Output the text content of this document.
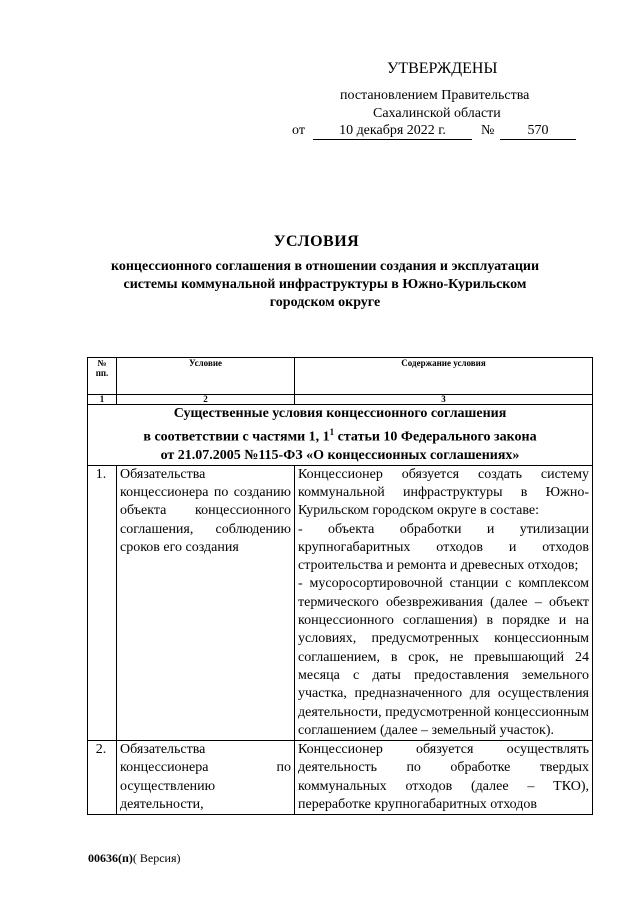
УТВЕРЖДЕНЫ
постановлением Правительства
Сахалинской области
от	10 декабря 2022 г.	№	570
УСЛОВИЯ
концессионного соглашения в отношении создания и эксплуатации системы коммунальной инфраструктуры в Южно-Курильском городском округе
№ пп.	Условие	Содержание условия
1	2	3

Существенные условия концессионного соглашения
в соответствии с частями 1, $1^1$ статьи 10 Федерального закона
от 21.07.2005 №115-ФЗ «О концессионных соглашениях»		

1.	Обязательства концессионера по созданию объекта концессионного соглашения, соблюдению сроков его создания	Концессионер обязуется создать систему коммунальной инфраструктуры в Южно-Курильском городском округе в составе:

- объекта обработки и утилизации крупногабаритных отходов и отходов строительства и ремонта и древесных отходов;

- мусоросортировочной станции с комплексом термического обезвреживания (далее – объект концессионного соглашения) в порядке и на условиях, предусмотренных концессионным соглашением, в срок, не превышающий 24 месяца с даты предоставления земельного участка, предназначенного для осуществления деятельности, предусмотренной концессионным соглашением (далее – земельный участок).

2.	Обязательства концессионера по осуществлению деятельности,	Концессионер обязуется осуществлять деятельность по обработке твердых коммунальных отходов (далее – ТКО), переработке крупногабаритных отходов

00636(п)( Версия)
